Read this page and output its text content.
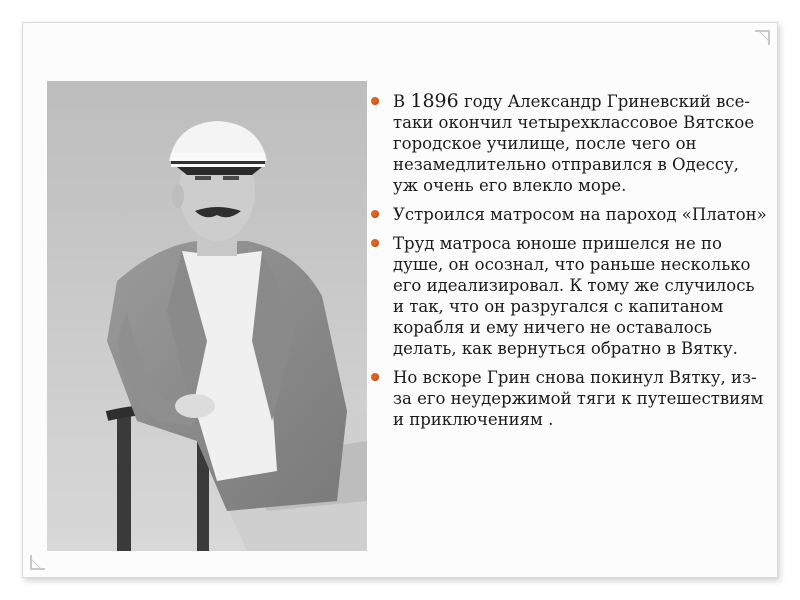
В 1896 году Александр Гриневский все-таки окончил четырехклассовое Вятское городское училище, после чего он незамедлительно отправился в Одессу, уж очень его влекло море.
Устроился матросом на пароход «Платон»
Труд матроса юноше пришелся не по душе, он осознал, что раньше несколько его идеализировал. К тому же случилось и так, что он разругался с капитаном корабля и ему ничего не оставалось делать, как вернуться обратно в Вятку.
Но вскоре Грин снова покинул Вятку, из-за его неудержимой тяги к путешествиям и приключениям .
